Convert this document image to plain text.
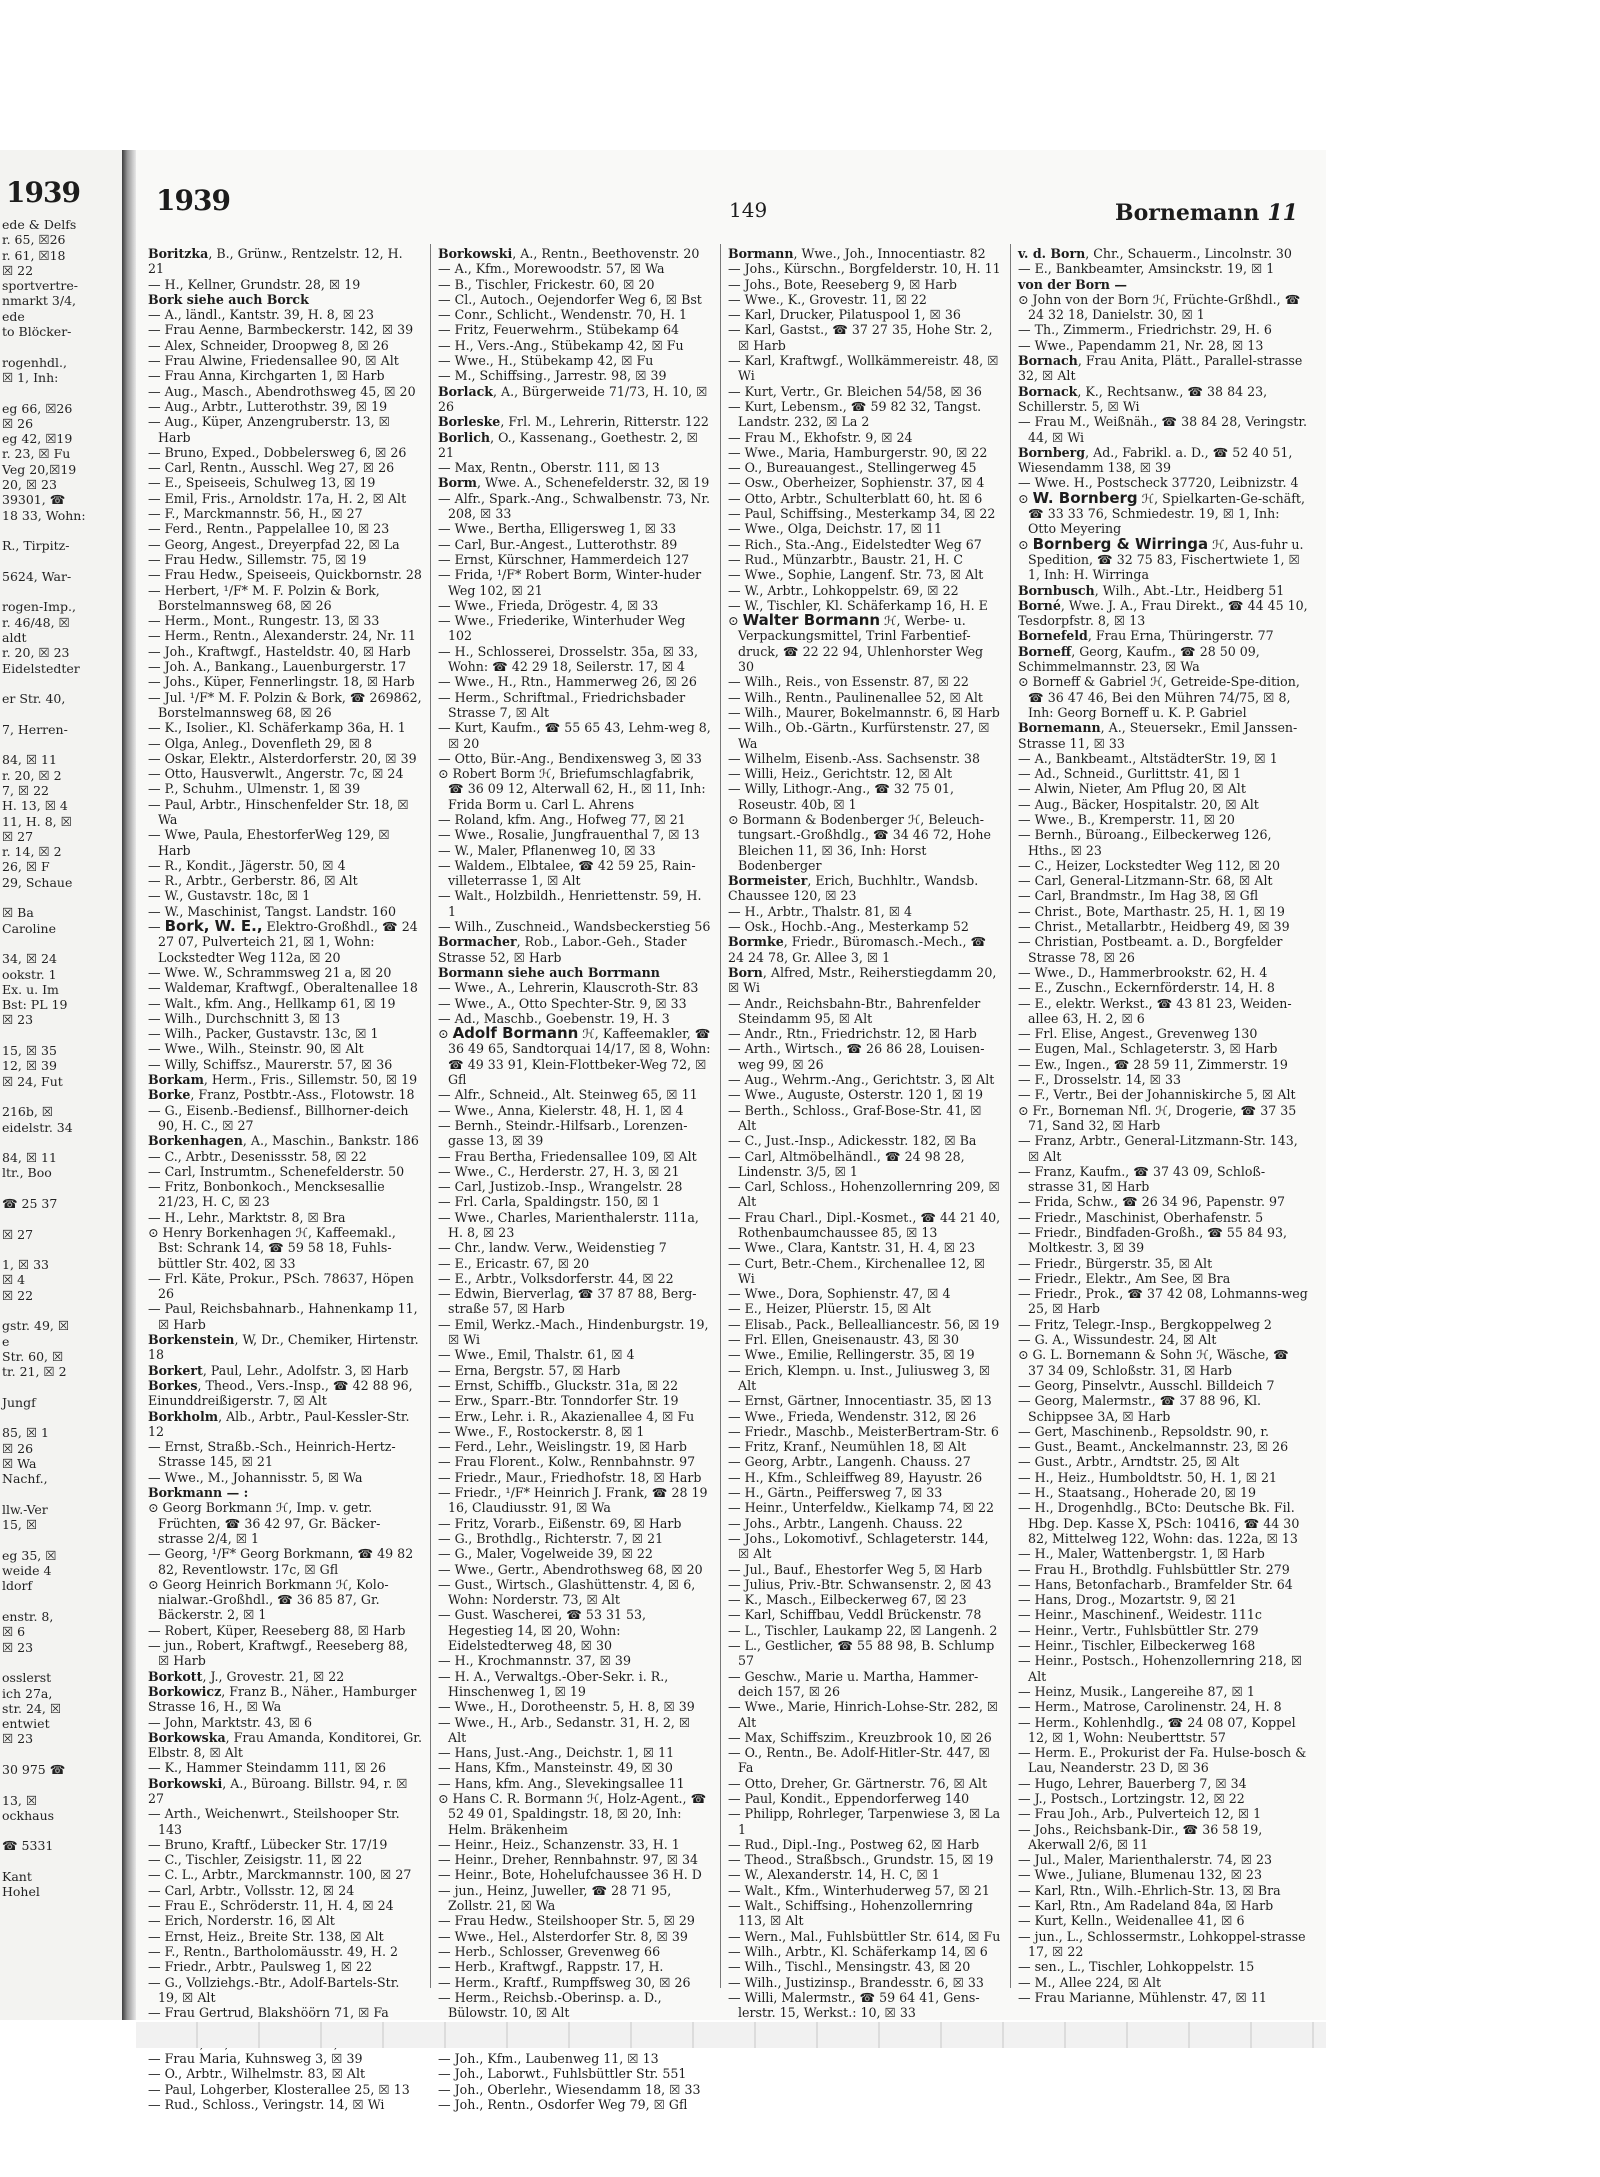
1939
ede & Delfs
r. 65, ☒26
r. 61, ☒18
☒ 22
sportvertre-
nmarkt 3/4,
ede
to Blöcker-

rogenhdl.,
☒ 1, Inh:

eg 66, ☒26
☒ 26
eg 42, ☒19
r. 23, ☒ Fu
Veg 20,☒19
20, ☒ 23
39301, ☎
18 33, Wohn:

R., Tirpitz-

5624, War-

rogen-Imp.,
r. 46/48, ☒
aldt
r. 20, ☒ 23
Eidelstedter

er Str. 40,

7, Herren-

84, ☒ 11
r. 20, ☒ 2
7, ☒ 22
H. 13, ☒ 4
11, H. 8, ☒
☒ 27
r. 14, ☒ 2
26, ☒ F
29, Schaue

☒ Ba
Caroline

34, ☒ 24
ookstr. 1
Ex. u. Im
Bst: PL 19
☒ 23

15, ☒ 35
12, ☒ 39
☒ 24, Fut

216b, ☒
eidelstr. 34

84, ☒ 11
ltr., Boo

☎ 25 37

☒ 27

1, ☒ 33
☒ 4
☒ 22

gstr. 49, ☒
e
Str. 60, ☒
tr. 21, ☒ 2

Jungf

85, ☒ 1
☒ 26
☒ Wa
Nachf.,

llw.-Ver
15, ☒

eg 35, ☒
weide 4
ldorf

enstr. 8,
☒ 6
☒ 23

osslerst
ich 27a,
str. 24, ☒
entwiet
☒ 23

30 975 ☎

13, ☒
ockhaus

☎ 5331

Kant
Hohel
1939	149	Bornemann 11
Boritzka, B., Grünw., Rentzelstr. 12, H. 21
— H., Kellner, Grundstr. 28, ☒ 19
Bork siehe auch Borck
— A., ländl., Kantstr. 39, H. 8, ☒ 23
— Frau Aenne, Barmbeckerstr. 142, ☒ 39
— Alex, Schneider, Droopweg 8, ☒ 26
— Frau Alwine, Friedensallee 90, ☒ Alt
— Frau Anna, Kirchgarten 1, ☒ Harb
— Aug., Masch., Abendrothsweg 45, ☒ 20
— Aug., Arbtr., Lutterothstr. 39, ☒ 19
— Aug., Küper, Anzengruberstr. 13, ☒ Harb
— Bruno, Exped., Dobbelersweg 6, ☒ 26
— Carl, Rentn., Ausschl. Weg 27, ☒ 26
— E., Speiseeis, Schulweg 13, ☒ 19
— Emil, Fris., Arnoldstr. 17a, H. 2, ☒ Alt
— F., Marckmannstr. 56, H., ☒ 27
— Ferd., Rentn., Pappelallee 10, ☒ 23
— Georg, Angest., Dreyerpfad 22, ☒ La
— Frau Hedw., Sillemstr. 75, ☒ 19
— Frau Hedw., Speiseeis, Quickbornstr. 28
— Herbert, ¹/F* M. F. Polzin & Bork, Borstelmannsweg 68, ☒ 26
— Herm., Mont., Rungestr. 13, ☒ 33
— Herm., Rentn., Alexanderstr. 24, Nr. 11
— Joh., Kraftwgf., Hasteldstr. 40, ☒ Harb
— Joh. A., Bankang., Lauenburgerstr. 17
— Johs., Küper, Fennerlingstr. 18, ☒ Harb
— Jul. ¹/F* M. F. Polzin & Bork, ☎ 269862, Borstelmannsweg 68, ☒ 26
— K., Isolier., Kl. Schäferkamp 36a, H. 1
— Olga, Anleg., Dovenfleth 29, ☒ 8
— Oskar, Elektr., Alsterdorferstr. 20, ☒ 39
— Otto, Hausverwlt., Angerstr. 7c, ☒ 24
— P., Schuhm., Ulmenstr. 1, ☒ 39
— Paul, Arbtr., Hinschenfelder Str. 18, ☒ Wa
— Wwe, Paula, EhestorferWeg 129, ☒ Harb
— R., Kondit., Jägerstr. 50, ☒ 4
— R., Arbtr., Gerberstr. 86, ☒ Alt
— W., Gustavstr. 18c, ☒ 1
— W., Maschinist, Tangst. Landstr. 160
— Bork, W. E., Elektro-Großhdl., ☎ 24 27 07, Pulverteich 21, ☒ 1, Wohn: Lockstedter Weg 112a, ☒ 20
— Wwe. W., Schrammsweg 21 a, ☒ 20
— Waldemar, Kraftwgf., Oberaltenallee 18
— Walt., kfm. Ang., Hellkamp 61, ☒ 19
— Wilh., Durchschnitt 3, ☒ 13
— Wilh., Packer, Gustavstr. 13c, ☒ 1
— Wwe., Wilh., Steinstr. 90, ☒ Alt
— Willy, Schiffsz., Maurerstr. 57, ☒ 36
Borkam, Herm., Fris., Sillemstr. 50, ☒ 19
Borke, Franz, Postbtr.-Ass., Flotowstr. 18
— G., Eisenb.-Bediensf., Billhorner-deich 90, H. C., ☒ 27
Borkenhagen, A., Maschin., Bankstr. 186
— C., Arbtr., Desenissstr. 58, ☒ 22
— Carl, Instrumtm., Schenefelderstr. 50
— Fritz, Bonbonkoch., Mencksesallie 21/23, H. C, ☒ 23
— H., Lehr., Marktstr. 8, ☒ Bra
⊙ Henry Borkenhagen ℋ, Kaffeemakl., Bst: Schrank 14, ☎ 59 58 18, Fuhls-büttler Str. 402, ☒ 33
— Frl. Käte, Prokur., PSch. 78637, Höpen 26
— Paul, Reichsbahnarb., Hahnenkamp 11, ☒ Harb
Borkenstein, W, Dr., Chemiker, Hirtenstr. 18
Borkert, Paul, Lehr., Adolfstr. 3, ☒ Harb
Borkes, Theod., Vers.-Insp., ☎ 42 88 96, Einunddreißigerstr. 7, ☒ Alt
Borkholm, Alb., Arbtr., Paul-Kessler-Str. 12
— Ernst, Straßb.-Sch., Heinrich-Hertz-Strasse 145, ☒ 21
— Wwe., M., Johannisstr. 5, ☒ Wa
Borkmann — :
⊙ Georg Borkmann ℋ, Imp. v. getr. Früchten, ☎ 36 42 97, Gr. Bäcker-strasse 2/4, ☒ 1
— Georg, ¹/F* Georg Borkmann, ☎ 49 82 82, Reventlowstr. 17c, ☒ Gfl
⊙ Georg Heinrich Borkmann ℋ, Kolo-nialwar.-Großhdl., ☎ 36 85 87, Gr. Bäckerstr. 2, ☒ 1
— Robert, Küper, Reeseberg 88, ☒ Harb
— jun., Robert, Kraftwgf., Reeseberg 88, ☒ Harb
Borkott, J., Grovestr. 21, ☒ 22
Borkowicz, Franz B., Näher., Hamburger Strasse 16, H., ☒ Wa
— John, Marktstr. 43, ☒ 6
Borkowska, Frau Amanda, Konditorei, Gr. Elbstr. 8, ☒ Alt
— K., Hammer Steindamm 111, ☒ 26
Borkowski, A., Büroang. Billstr. 94, r. ☒ 27
— Arth., Weichenwrt., Steilshooper Str. 143
— Bruno, Kraftf., Lübecker Str. 17/19
— C., Tischler, Zeisigstr. 11, ☒ 22
— C. L., Arbtr., Marckmannstr. 100, ☒ 27
— Carl, Arbtr., Vollsstr. 12, ☒ 24
— Frau E., Schröderstr. 11, H. 4, ☒ 24
— Erich, Norderstr. 16, ☒ Alt
— Ernst, Heiz., Breite Str. 138, ☒ Alt
— F., Rentn., Bartholomäusstr. 49, H. 2
— Friedr., Arbtr., Paulsweg 1, ☒ 22
— G., Vollziehgs.-Btr., Adolf-Bartels-Str. 19, ☒ Alt
— Frau Gertrud, Blakshöörn 71, ☒ Fa
— Frau Maria, Kuhnsweg 3, ☒ 39
— O., Arbtr., Wilhelmstr. 83, ☒ Alt
— Paul, Lohgerber, Klosterallee 25, ☒ 13
— Rud., Schloss., Veringstr. 14, ☒ Wi
Borkowski, A., Rentn., Beethovenstr. 20
— A., Kfm., Morewoodstr. 57, ☒ Wa
— B., Tischler, Frickestr. 60, ☒ 20
— Cl., Autoch., Oejendorfer Weg 6, ☒ Bst
— Conr., Schlicht., Wendenstr. 70, H. 1
— Fritz, Feuerwehrm., Stübekamp 64
— H., Vers.-Ang., Stübekamp 42, ☒ Fu
— Wwe., H., Stübekamp 42, ☒ Fu
— M., Schiffsing., Jarrestr. 98, ☒ 39
Borlack, A., Bürgerweide 71/73, H. 10, ☒ 26
Borleske, Frl. M., Lehrerin, Ritterstr. 122
Borlich, O., Kassenang., Goethestr. 2, ☒ 21
— Max, Rentn., Oberstr. 111, ☒ 13
Borm, Wwe. A., Schenefelderstr. 32, ☒ 19
— Alfr., Spark.-Ang., Schwalbenstr. 73, Nr. 208, ☒ 33
— Wwe., Bertha, Elligersweg 1, ☒ 33
— Carl, Bur.-Angest., Lutterothstr. 89
— Ernst, Kürschner, Hammerdeich 127
— Frida, ¹/F* Robert Borm, Winter-huder Weg 102, ☒ 21
— Wwe., Frieda, Drögestr. 4, ☒ 33
— Wwe., Friederike, Winterhuder Weg 102
— H., Schlosserei, Drosselstr. 35a, ☒ 33, Wohn: ☎ 42 29 18, Seilerstr. 17, ☒ 4
— Wwe., H., Rtn., Hammerweg 26, ☒ 26
— Herm., Schriftmal., Friedrichsbader Strasse 7, ☒ Alt
— Kurt, Kaufm., ☎ 55 65 43, Lehm-weg 8, ☒ 20
— Otto, Bür.-Ang., Bendixensweg 3, ☒ 33
⊙ Robert Borm ℋ, Briefumschlagfabrik, ☎ 36 09 12, Alterwall 62, H., ☒ 11, Inh: Frida Borm u. Carl L. Ahrens
— Roland, kfm. Ang., Hofweg 77, ☒ 21
— Wwe., Rosalie, Jungfrauenthal 7, ☒ 13
— W., Maler, Pflanenweg 10, ☒ 33
— Waldem., Elbtalee, ☎ 42 59 25, Rain-villeterrasse 1, ☒ Alt
— Walt., Holzbildh., Henriettenstr. 59, H. 1
— Wilh., Zuschneid., Wandsbeckerstieg 56
Bormacher, Rob., Labor.-Geh., Stader Strasse 52, ☒ Harb
Bormann siehe auch Borrmann
— Wwe., A., Lehrerin, Klauscroth-Str. 83
— Wwe., A., Otto Spechter-Str. 9, ☒ 33
— Ad., Maschb., Goebenstr. 19, H. 3
⊙ Adolf Bormann ℋ, Kaffeemakler, ☎ 36 49 65, Sandtorquai 14/17, ☒ 8, Wohn: ☎ 49 33 91, Klein-Flottbeker-Weg 72, ☒ Gfl
— Alfr., Schneid., Alt. Steinweg 65, ☒ 11
— Wwe., Anna, Kielerstr. 48, H. 1, ☒ 4
— Bernh., Steindr.-Hilfsarb., Lorenzen-gasse 13, ☒ 39
— Frau Bertha, Friedensallee 109, ☒ Alt
— Wwe., C., Herderstr. 27, H. 3, ☒ 21
— Carl, Justizob.-Insp., Wrangelstr. 28
— Frl. Carla, Spaldingstr. 150, ☒ 1
— Wwe., Charles, Marienthalerstr. 111a, H. 8, ☒ 23
— Chr., landw. Verw., Weidenstieg 7
— E., Ericastr. 67, ☒ 20
— E., Arbtr., Volksdorferstr. 44, ☒ 22
— Edwin, Bierverlag, ☎ 37 87 88, Berg-straße 57, ☒ Harb
— Emil, Werkz.-Mach., Hindenburgstr. 19, ☒ Wi
— Wwe., Emil, Thalstr. 61, ☒ 4
— Erna, Bergstr. 57, ☒ Harb
— Ernst, Schiffb., Gluckstr. 31a, ☒ 22
— Erw., Sparr.-Btr. Tonndorfer Str. 19
— Erw., Lehr. i. R., Akazienallee 4, ☒ Fu
— Wwe., F., Rostockerstr. 8, ☒ 1
— Ferd., Lehr., Weislingstr. 19, ☒ Harb
— Frau Florent., Kolw., Rennbahnstr. 97
— Friedr., Maur., Friedhofstr. 18, ☒ Harb
— Friedr., ¹/F* Heinrich J. Frank, ☎ 28 19 16, Claudiusstr. 91, ☒ Wa
— Fritz, Vorarb., Eißenstr. 69, ☒ Harb
— G., Brothdlg., Richterstr. 7, ☒ 21
— G., Maler, Vogelweide 39, ☒ 22
— Wwe., Gertr., Abendrothsweg 68, ☒ 20
— Gust., Wirtsch., Glashüttenstr. 4, ☒ 6, Wohn: Norderstr. 73, ☒ Alt
— Gust. Wascherei, ☎ 53 31 53, Hegestieg 14, ☒ 20, Wohn: Eidelstedterweg 48, ☒ 30
— H., Krochmannstr. 37, ☒ 39
— H. A., Verwaltgs.-Ober-Sekr. i. R., Hinschenweg 1, ☒ 19
— Wwe., H., Dorotheenstr. 5, H. 8, ☒ 39
— Wwe., H., Arb., Sedanstr. 31, H. 2, ☒ Alt
— Hans, Just.-Ang., Deichstr. 1, ☒ 11
— Hans, Kfm., Mansteinstr. 49, ☒ 30
— Hans, kfm. Ang., Slevekingsallee 11
⊙ Hans C. R. Bormann ℋ, Holz-Agent., ☎ 52 49 01, Spaldingstr. 18, ☒ 20, Inh: Helm. Bräkenheim
— Heinr., Heiz., Schanzenstr. 33, H. 1
— Heinr., Dreher, Rennbahnstr. 97, ☒ 34
— Heinr., Bote, Hohelufchaussee 36 H. D
— jun., Heinz, Juweller, ☎ 28 71 95, Zollstr. 21, ☒ Wa
— Frau Hedw., Steilshooper Str. 5, ☒ 29
— Wwe., Hel., Alsterdorfer Str. 8, ☒ 39
— Herb., Schlosser, Grevenweg 66
— Herb., Kraftwgf., Rappstr. 17, H.
— Herm., Kraftf., Rumpffsweg 30, ☒ 26
— Herm., Reichsb.-Oberinsp. a. D., Bülowstr. 10, ☒ Alt
— Joh., Kfm., Laubenweg 11, ☒ 13
— Joh., Laborwt., Fuhlsbüttler Str. 551
— Joh., Oberlehr., Wiesendamm 18, ☒ 33
— Joh., Rentn., Osdorfer Weg 79, ☒ Gfl
Bormann, Wwe., Joh., Innocentiastr. 82
— Johs., Kürschn., Borgfelderstr. 10, H. 11
— Johs., Bote, Reeseberg 9, ☒ Harb
— Wwe., K., Grovestr. 11, ☒ 22
— Karl, Drucker, Pilatuspool 1, ☒ 36
— Karl, Gastst., ☎ 37 27 35, Hohe Str. 2, ☒ Harb
— Karl, Kraftwgf., Wollkämmereistr. 48, ☒ Wi
— Kurt, Vertr., Gr. Bleichen 54/58, ☒ 36
— Kurt, Lebensm., ☎ 59 82 32, Tangst. Landstr. 232, ☒ La 2
— Frau M., Ekhofstr. 9, ☒ 24
— Wwe., Maria, Hamburgerstr. 90, ☒ 22
— O., Bureauangest., Stellingerweg 45
— Osw., Oberheizer, Sophienstr. 37, ☒ 4
— Otto, Arbtr., Schulterblatt 60, ht. ☒ 6
— Paul, Schiffsing., Mesterkamp 34, ☒ 22
— Wwe., Olga, Deichstr. 17, ☒ 11
— Rich., Sta.-Ang., Eidelstedter Weg 67
— Rud., Münzarbtr., Baustr. 21, H. C
— Wwe., Sophie, Langenf. Str. 73, ☒ Alt
— W., Arbtr., Lohkoppelstr. 69, ☒ 22
— W., Tischler, Kl. Schäferkamp 16, H. E
⊙ Walter Bormann ℋ, Werbe- u. Verpackungsmittel, Trinl Farbentief-druck, ☎ 22 22 94, Uhlenhorster Weg 30
— Wilh., Reis., von Essenstr. 87, ☒ 22
— Wilh., Rentn., Paulinenallee 52, ☒ Alt
— Wilh., Maurer, Bokelmannstr. 6, ☒ Harb
— Wilh., Ob.-Gärtn., Kurfürstenstr. 27, ☒ Wa
— Wilhelm, Eisenb.-Ass. Sachsenstr. 38
— Willi, Heiz., Gerichtstr. 12, ☒ Alt
— Willy, Lithogr.-Ang., ☎ 32 75 01, Roseustr. 40b, ☒ 1
⊙ Bormann & Bodenberger ℋ, Beleuch-tungsart.-Großhdlg., ☎ 34 46 72, Hohe Bleichen 11, ☒ 36, Inh: Horst Bodenberger
Bormeister, Erich, Buchhltr., Wandsb. Chaussee 120, ☒ 23
— H., Arbtr., Thalstr. 81, ☒ 4
— Osk., Hochb.-Ang., Mesterkamp 52
Bormke, Friedr., Büromasch.-Mech., ☎ 24 24 78, Gr. Allee 3, ☒ 1
Born, Alfred, Mstr., Reiherstiegdamm 20, ☒ Wi
— Andr., Reichsbahn-Btr., Bahrenfelder Steindamm 95, ☒ Alt
— Andr., Rtn., Friedrichstr. 12, ☒ Harb
— Arth., Wirtsch., ☎ 26 86 28, Louisen-weg 99, ☒ 26
— Aug., Wehrm.-Ang., Gerichtstr. 3, ☒ Alt
— Wwe., Auguste, Osterstr. 120 1, ☒ 19
— Berth., Schloss., Graf-Bose-Str. 41, ☒ Alt
— C., Just.-Insp., Adickesstr. 182, ☒ Ba
— Carl, Altmöbelhändl., ☎ 24 98 28, Lindenstr. 3/5, ☒ 1
— Carl, Schloss., Hohenzollernring 209, ☒ Alt
— Frau Charl., Dipl.-Kosmet., ☎ 44 21 40, Rothenbaumchaussee 85, ☒ 13
— Wwe., Clara, Kantstr. 31, H. 4, ☒ 23
— Curt, Betr.-Chem., Kirchenallee 12, ☒ Wi
— Wwe., Dora, Sophienstr. 47, ☒ 4
— E., Heizer, Plüerstr. 15, ☒ Alt
— Elisab., Pack., Bellealliancestr. 56, ☒ 19
— Frl. Ellen, Gneisenaustr. 43, ☒ 30
— Wwe., Emilie, Rellingerstr. 35, ☒ 19
— Erich, Klempn. u. Inst., Juliusweg 3, ☒ Alt
— Ernst, Gärtner, Innocentiastr. 35, ☒ 13
— Wwe., Frieda, Wendenstr. 312, ☒ 26
— Friedr., Maschb., MeisterBertram-Str. 6
— Fritz, Kranf., Neumühlen 18, ☒ Alt
— Georg, Arbtr., Langenh. Chauss. 27
— H., Kfm., Schleiffweg 89, Hayustr. 26
— H., Gärtn., Peiffersweg 7, ☒ 33
— Heinr., Unterfeldw., Kielkamp 74, ☒ 22
— Johs., Arbtr., Langenh. Chauss. 22
— Johs., Lokomotivf., Schlageterstr. 144, ☒ Alt
— Jul., Bauf., Ehestorfer Weg 5, ☒ Harb
— Julius, Priv.-Btr. Schwansenstr. 2, ☒ 43
— K., Masch., Eilbeckerweg 67, ☒ 23
— Karl, Schiffbau, Veddl Brückenstr. 78
— L., Tischler, Laukamp 22, ☒ Langenh. 2
— L., Gestlicher, ☎ 55 88 98, B. Schlump 57
— Geschw., Marie u. Martha, Hammer-deich 157, ☒ 26
— Wwe., Marie, Hinrich-Lohse-Str. 282, ☒ Alt
— Max, Schiffszim., Kreuzbrook 10, ☒ 26
— O., Rentn., Be. Adolf-Hitler-Str. 447, ☒ Fa
— Otto, Dreher, Gr. Gärtnerstr. 76, ☒ Alt
— Paul, Kondit., Eppendorferweg 140
— Philipp, Rohrleger, Tarpenwiese 3, ☒ La 1
— Rud., Dipl.-Ing., Postweg 62, ☒ Harb
— Theod., Straßbsch., Grundstr. 15, ☒ 19
— W., Alexanderstr. 14, H. C, ☒ 1
— Walt., Kfm., Winterhuderweg 57, ☒ 21
— Walt., Schiffsing., Hohenzollernring 113, ☒ Alt
— Wern., Mal., Fuhlsbüttler Str. 614, ☒ Fu
— Wilh., Arbtr., Kl. Schäferkamp 14, ☒ 6
— Wilh., Tischl., Mensingstr. 43, ☒ 20
— Wilh., Justizinsp., Brandesstr. 6, ☒ 33
— Willi, Malermstr., ☎ 59 64 41, Gens-lerstr. 15, Werkst.: 10, ☒ 33
v. d. Born, Chr., Schauerm., Lincolnstr. 30
— E., Bankbeamter, Amsinckstr. 19, ☒ 1
von der Born —
⊙ John von der Born ℋ, Früchte-Grßhdl., ☎ 24 32 18, Danielstr. 30, ☒ 1
— Th., Zimmerm., Friedrichstr. 29, H. 6
— Wwe., Papendamm 21, Nr. 28, ☒ 13
Bornach, Frau Anita, Plätt., Parallel-strasse 32, ☒ Alt
Bornack, K., Rechtsanw., ☎ 38 84 23, Schillerstr. 5, ☒ Wi
— Frau M., Weißnäh., ☎ 38 84 28, Veringstr. 44, ☒ Wi
Bornberg, Ad., Fabrikl. a. D., ☎ 52 40 51, Wiesendamm 138, ☒ 39
— Wwe. H., Postscheck 37720, Leibnizstr. 4
⊙ W. Bornberg ℋ, Spielkarten-Ge-schäft, ☎ 33 33 76, Schmiedestr. 19, ☒ 1, Inh: Otto Meyering
⊙ Bornberg & Wirringa ℋ, Aus-fuhr u. Spedition, ☎ 32 75 83, Fischertwiete 1, ☒ 1, Inh: H. Wirringa
Bornbusch, Wilh., Abt.-Ltr., Heidberg 51
Borné, Wwe. J. A., Frau Direkt., ☎ 44 45 10, Tesdorpfstr. 8, ☒ 13
Bornefeld, Frau Erna, Thüringerstr. 77
Borneff, Georg, Kaufm., ☎ 28 50 09, Schimmelmannstr. 23, ☒ Wa
⊙ Borneff & Gabriel ℋ, Getreide-Spe-dition, ☎ 36 47 46, Bei den Mühren 74/75, ☒ 8, Inh: Georg Borneff u. K. P. Gabriel
Bornemann, A., Steuersekr., Emil Janssen-Strasse 11, ☒ 33
— A., Bankbeamt., AltstädterStr. 19, ☒ 1
— Ad., Schneid., Gurlittstr. 41, ☒ 1
— Alwin, Nieter, Am Pflug 20, ☒ Alt
— Aug., Bäcker, Hospitalstr. 20, ☒ Alt
— Wwe., B., Kremperstr. 11, ☒ 20
— Bernh., Büroang., Eilbeckerweg 126, Hths., ☒ 23
— C., Heizer, Lockstedter Weg 112, ☒ 20
— Carl, General-Litzmann-Str. 68, ☒ Alt
— Carl, Brandmstr., Im Hag 38, ☒ Gfl
— Christ., Bote, Marthastr. 25, H. 1, ☒ 19
— Christ., Metallarbtr., Heidberg 49, ☒ 39
— Christian, Postbeamt. a. D., Borgfelder Strasse 78, ☒ 26
— Wwe., D., Hammerbrookstr. 62, H. 4
— E., Zuschn., Eckernförderstr. 14, H. 8
— E., elektr. Werkst., ☎ 43 81 23, Weiden-allee 63, H. 2, ☒ 6
— Frl. Elise, Angest., Grevenweg 130
— Eugen, Mal., Schlageterstr. 3, ☒ Harb
— Ew., Ingen., ☎ 28 59 11, Zimmerstr. 19
— F., Drosselstr. 14, ☒ 33
— F., Vertr., Bei der Johanniskirche 5, ☒ Alt
⊙ Fr., Borneman Nfl. ℋ, Drogerie, ☎ 37 35 71, Sand 32, ☒ Harb
— Franz, Arbtr., General-Litzmann-Str. 143, ☒ Alt
— Franz, Kaufm., ☎ 37 43 09, Schloß-strasse 31, ☒ Harb
— Frida, Schw., ☎ 26 34 96, Papenstr. 97
— Friedr., Maschinist, Oberhafenstr. 5
— Friedr., Bindfaden-Großh., ☎ 55 84 93, Moltkestr. 3, ☒ 39
— Friedr., Bürgerstr. 35, ☒ Alt
— Friedr., Elektr., Am See, ☒ Bra
— Friedr., Prok., ☎ 37 42 08, Lohmanns-weg 25, ☒ Harb
— Fritz, Telegr.-Insp., Bergkoppelweg 2
— G. A., Wissundestr. 24, ☒ Alt
⊙ G. L. Bornemann & Sohn ℋ, Wäsche, ☎ 37 34 09, Schloßstr. 31, ☒ Harb
— Georg, Pinselvtr., Ausschl. Billdeich 7
— Georg, Malermstr., ☎ 37 88 96, Kl. Schippsee 3A, ☒ Harb
— Gert, Maschinenb., Repsoldstr. 90, r.
— Gust., Beamt., Anckelmannstr. 23, ☒ 26
— Gust., Arbtr., Arndtstr. 25, ☒ Alt
— H., Heiz., Humboldtstr. 50, H. 1, ☒ 21
— H., Staatsang., Hoherade 20, ☒ 19
— H., Drogenhdlg., BCto: Deutsche Bk. Fil. Hbg. Dep. Kasse X, PSch: 10416, ☎ 44 30 82, Mittelweg 122, Wohn: das. 122a, ☒ 13
— H., Maler, Wattenbergstr. 1, ☒ Harb
— Frau H., Brothdlg. Fuhlsbüttler Str. 279
— Hans, Betonfacharb., Bramfelder Str. 64
— Hans, Drog., Mozartstr. 9, ☒ 21
— Heinr., Maschinenf., Weidestr. 111c
— Heinr., Vertr., Fuhlsbüttler Str. 279
— Heinr., Tischler, Eilbeckerweg 168
— Heinr., Postsch., Hohenzollernring 218, ☒ Alt
— Heinz, Musik., Langereihe 87, ☒ 1
— Herm., Matrose, Carolinenstr. 24, H. 8
— Herm., Kohlenhdlg., ☎ 24 08 07, Koppel 12, ☒ 1, Wohn: Neuberttstr. 57
— Herm. E., Prokurist der Fa. Hulse-bosch & Lau, Neanderstr. 23 D, ☒ 36
— Hugo, Lehrer, Bauerberg 7, ☒ 34
— J., Postsch., Lortzingstr. 12, ☒ 22
— Frau Joh., Arb., Pulverteich 12, ☒ 1
— Johs., Reichsbank-Dir., ☎ 36 58 19, Akerwall 2/6, ☒ 11
— Jul., Maler, Marienthalerstr. 74, ☒ 23
— Wwe., Juliane, Blumenau 132, ☒ 23
— Karl, Rtn., Wilh.-Ehrlich-Str. 13, ☒ Bra
— Karl, Rtn., Am Radeland 84a, ☒ Harb
— Kurt, Kelln., Weidenallee 41, ☒ 6
— jun., L., Schlossermstr., Lohkoppel-strasse 17, ☒ 22
— sen., L., Tischler, Lohkoppelstr. 15
— M., Allee 224, ☒ Alt
— Frau Marianne, Mühlenstr. 47, ☒ 11
